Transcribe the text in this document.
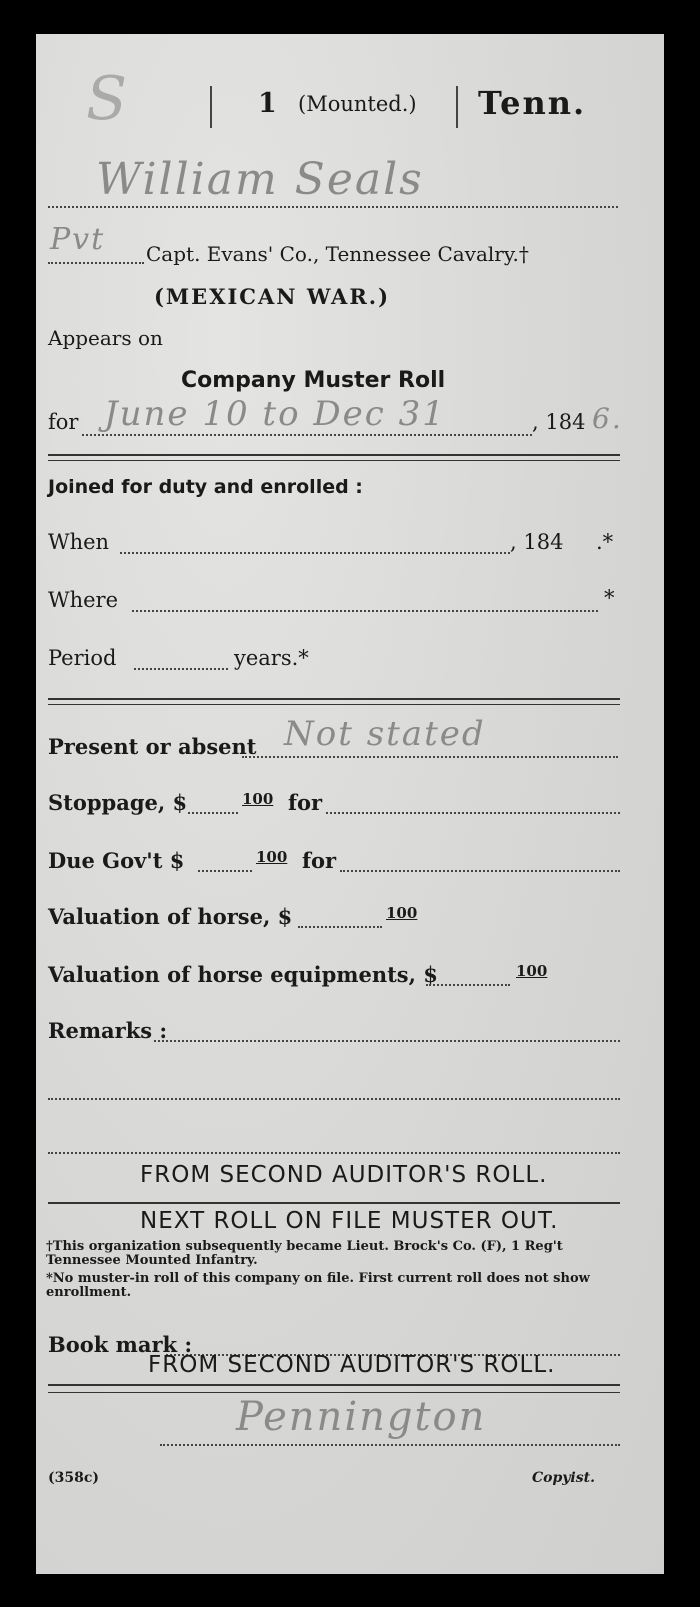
S	1 (Mounted.) Tenn.
William Seals
Pvt Capt. Evans' Co., Tennessee Cavalry.†
(MEXICAN WAR.)
Appears on
Company Muster Roll
for June 10 to Dec 31	, 184 6.
Joined for duty and enrolled :
When	, 184 .*
Where	*
Period	years.*
Present or absent Not stated
Stoppage, $	100 for
Due Gov't $	100 for
Valuation of horse, $	100
Valuation of horse equipments, $	100
Remarks :
FROM SECOND AUDITOR'S ROLL.
NEXT ROLL ON FILE MUSTER OUT.
†This organization subsequently became Lieut. Brock's Co. (F), 1 Reg't Tennessee Mounted Infantry.
*No muster-in roll of this company on file. First current roll does not show enrollment.
Book mark :
FROM SECOND AUDITOR'S ROLL.
Pennington
(358c)	Copyist.
